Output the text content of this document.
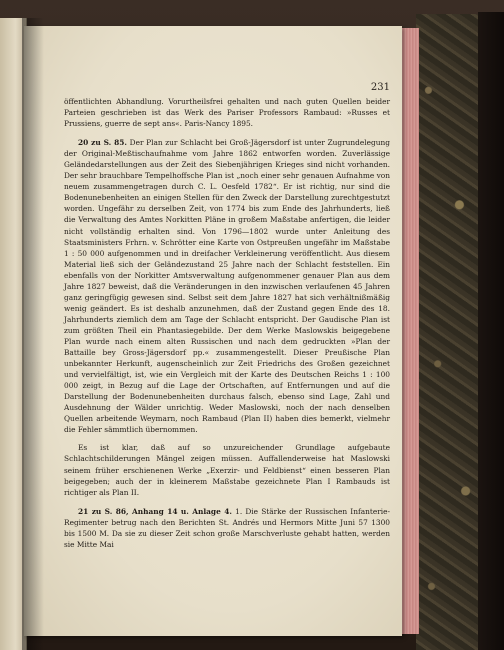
231

öffentlichten Abhandlung. Vorurtheilsfrei gehalten und nach guten Quellen beider Parteien geschrieben ist das Werk des Pariser Professors Rambaud: »Russes et Prussiens, guerre de sept ans«. Paris-Nancy 1895.

20 zu S. 85. Der Plan zur Schlacht bei Groß-Jägersdorf ist unter Zugrundelegung der Original-Meßtischaufnahme vom Jahre 1862 entworfen worden. Zuverlässige Geländedarstellungen aus der Zeit des Siebenjährigen Krieges sind nicht vorhanden. Der sehr brauchbare Tempelhoffsche Plan ist „noch einer sehr genauen Aufnahme von neuem zusammengetragen durch C. L. Oesfeld 1782“. Er ist richtig, nur sind die Bodenunebenheiten an einigen Stellen für den Zweck der Darstellung zurechtgestutzt worden. Ungefähr zu derselben Zeit, von 1774 bis zum Ende des Jahrhunderts, ließ die Verwaltung des Amtes Norkitten Pläne in großem Maßstabe anfertigen, die leider nicht vollständig erhalten sind. Von 1796—1802 wurde unter Anleitung des Staatsministers Frhrn. v. Schrötter eine Karte von Ostpreußen ungefähr im Maßstabe 1 : 50 000 aufgenommen und in dreifacher Verkleinerung veröffentlicht. Aus diesem Material ließ sich der Geländezustand 25 Jahre nach der Schlacht feststellen. Ein ebenfalls von der Norkitter Amtsverwaltung aufgenommener genauer Plan aus dem Jahre 1827 beweist, daß die Veränderungen in den inzwischen verlaufenen 45 Jahren ganz geringfügig gewesen sind. Selbst seit dem Jahre 1827 hat sich verhältnißmäßig wenig geändert. Es ist deshalb anzunehmen, daß der Zustand gegen Ende des 18. Jahrhunderts ziemlich dem am Tage der Schlacht entspricht. Der Gaudische Plan ist zum größten Theil ein Phantasiegebilde. Der dem Werke Maslowskis beigegebene Plan wurde nach einem alten Russischen und nach dem gedruckten »Plan der Battaille bey Gross-Jägersdorf pp.« zusammengestellt. Dieser Preußische Plan unbekannter Herkunft, augenscheinlich zur Zeit Friedrichs des Großen gezeichnet und vervielfältigt, ist, wie ein Vergleich mit der Karte des Deutschen Reichs 1 : 100 000 zeigt, in Bezug auf die Lage der Ortschaften, auf Entfernungen und auf die Darstellung der Bodenunebenheiten durchaus falsch, ebenso sind Lage, Zahl und Ausdehnung der Wälder unrichtig. Weder Maslowski, noch der nach denselben Quellen arbeitende Weymarn, noch Rambaud (Plan II) haben dies bemerkt, vielmehr die Fehler sämmtlich übernommen.

Es ist klar, daß auf so unzureichender Grundlage aufgebaute Schlachtschilderungen Mängel zeigen müssen. Auffallenderweise hat Maslowski seinem früher erschienenen Werke „Exerzir- und Feldbienst“ einen besseren Plan beigegeben; auch der in kleinerem Maßstabe gezeichnete Plan I Rambauds ist richtiger als Plan II.

21 zu S. 86, Anhang 14 u. Anlage 4. 1. Die Stärke der Russischen Infanterie-Regimenter betrug nach den Berichten St. Andrés und Hermors Mitte Juni 57 1300 bis 1500 M. Da sie zu dieser Zeit schon große Marschverluste gehabt hatten, werden sie Mitte Mai
